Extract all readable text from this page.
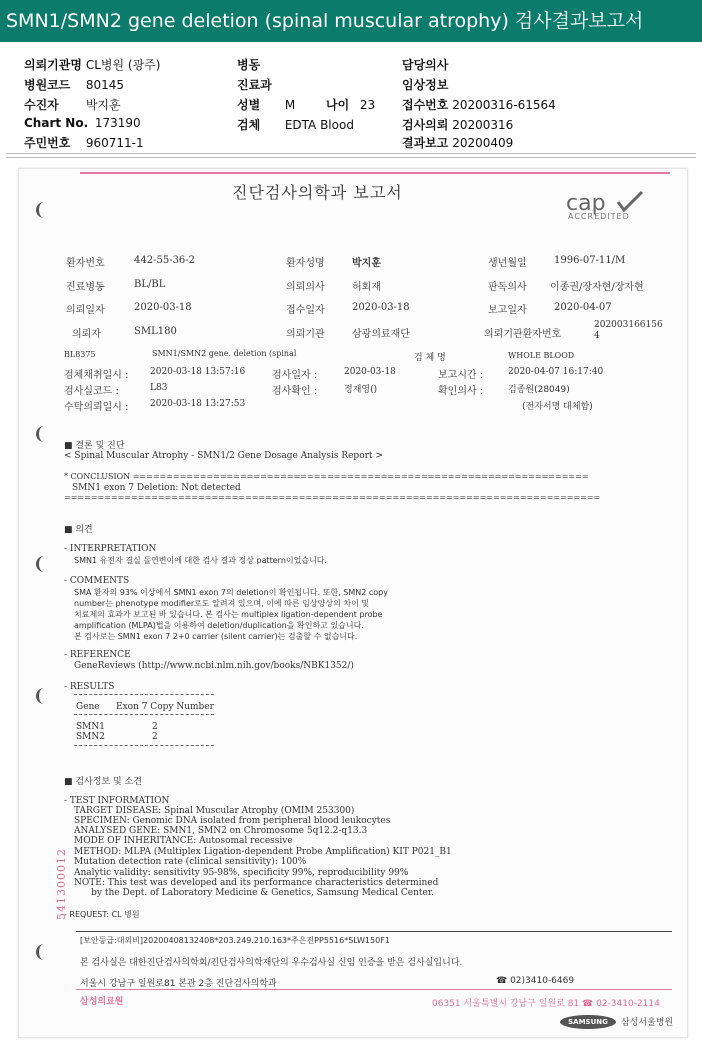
SMN1/SMN2 gene deletion (spinal muscular atrophy) 검사결과보고서
의뢰기관명 CL병원 (광주)
병원코드 80145
수진자 박지훈
Chart No. 173190
주민번호 960711-1
병동
진료과
성별 M	나이 23
검체 EDTA Blood
담당의사
임상정보
접수번호 20200316-61564
검사의뢰 20200316
결과보고 20200409
진단검사의학과 보고서	cap
ACCREDITED
환자번호	442-55-36-2	환자성명	박지훈	생년월일	1996-07-11/M
진료병동	BL/BL	의뢰의사	허회재	판독의사 이종권/장자현/장자현
의뢰일자	2020-03-18	접수일자	2020-03-18	보고일자	2020-04-07
의뢰자	SML180	의뢰기관	삼광의료재단	의뢰기관환자번호
2020031661564
BL8375	SMN1/SMN2 gene. deletion (spinal	검 체 명	WHOLE BLOOD
검체채취일시 : 2020-03-18 13:57:16	검사일자 :	2020-03-18	보고시간 :	2020-04-07 16:17:40
검사실코드 :	L83	검사확인 :	정재영()	확인의사 :	김종원(28049)
수탁의뢰일시 : 2020-03-18 13:27:53	(전자서명 대체함)
■ 결론 및 진단
< Spinal Muscular Atrophy - SMN1/2 Gene Dosage Analysis Report >
* CONCLUSION ====================================================================
SMN1 exon 7 Deletion: Not detected
================================================================================
■ 의견
- INTERPRETATION
SMN1 유전자 결실 돌연변이에 대한 검사 결과 정상 pattern이었습니다.
- COMMENTS
SMA 환자의 93% 이상에서 SMN1 exon 7의 deletion이 확인됩니다. 또한, SMN2 copy
number는 phenotype modifier로도 알려져 있으며, 이에 따른 임상양상의 차이 및
치료제의 효과가 보고된 바 있습니다. 본 검사는 multiplex ligation-dependent probe
amplification (MLPA)법을 이용하여 deletion/duplication을 확인하고 있습니다.
본 검사로는 SMN1 exon 7 2+0 carrier (silent carrier)는 검출할 수 없습니다.
- REFERENCE
GeneReviews (http://www.ncbi.nlm.nih.gov/books/NBK1352/)
- RESULTS
Gene Exon 7 Copy Number
SMN1	2
SMN2	2
■ 검사정보 및 소견
- TEST INFORMATION
TARGET DISEASE: Spinal Muscular Atrophy (OMIM 253300)
SPECIMEN: Genomic DNA isolated from peripheral blood leukocytes
ANALYSED GENE: SMN1, SMN2 on Chromosome 5q12.2-q13.3
MODE OF INHERITANCE: Autosomal recessive
METHOD: MLPA (Multiplex Ligation-dependent Probe Amplification) KIT P021_B1
Mutation detection rate (clinical sensitivity): 100%
Analytic validity: sensitivity 95-98%, specificity 99%, reproducibility 99%
NOTE: This test was developed and its performance characteristics determined
by the Dept. of Laboratory Medicine & Genetics, Samsung Medical Center.
- REQUEST: CL 병원
541300012
[보안등급:대외비]20200408132408*203.249.210.163*주은진PP5516*SLW150F1
본 검사실은 대한진단검사의학회/진단검사의학재단의 우수검사실 신임 인증을 받은 검사실입니다.
서울시 강남구 일원로81 본관 2층 진단검사의학과	☎ 02)3410-6469
삼성의료원	06351 서울특별시 강남구 일원로 81 ☎ 02-3410-2114
SAMSUNG	삼성서울병원
